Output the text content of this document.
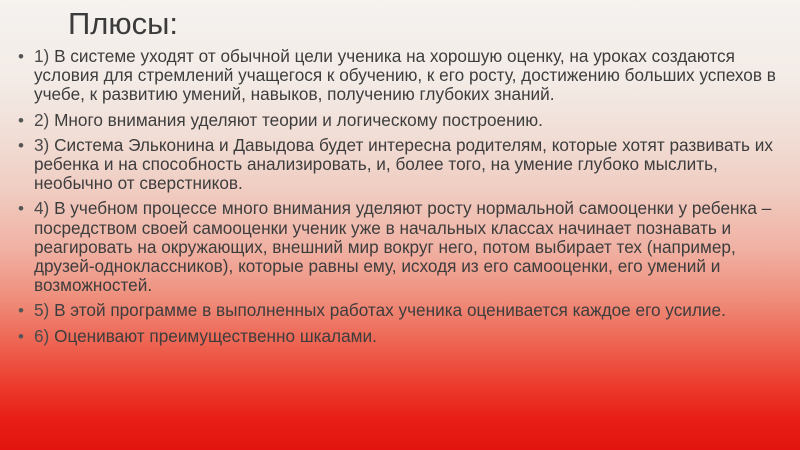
Плюсы:
• 1) В системе уходят от обычной цели ученика на хорошую оценку, на уроках создаются условия для стремлений учащегося к обучению, к его росту, достижению больших успехов в учебе, к развитию умений, навыков, получению глубоких знаний.
• 2) Много внимания уделяют теории и логическому построению.
• 3) Система Эльконина и Давыдова будет интересна родителям, которые хотят развивать их ребенка и на способность анализировать, и, более того, на умение глубоко мыслить, необычно от сверстников.
• 4) В учебном процессе много внимания уделяют росту нормальной самооценки у ребенка – посредством своей самооценки ученик уже в начальных классах начинает познавать и реагировать на окружающих, внешний мир вокруг него, потом выбирает тех (например, друзей-одноклассников), которые равны ему, исходя из его самооценки, его умений и возможностей.
• 5) В этой программе в выполненных работах ученика оценивается каждое его усилие.
• 6) Оценивают преимущественно шкалами.
